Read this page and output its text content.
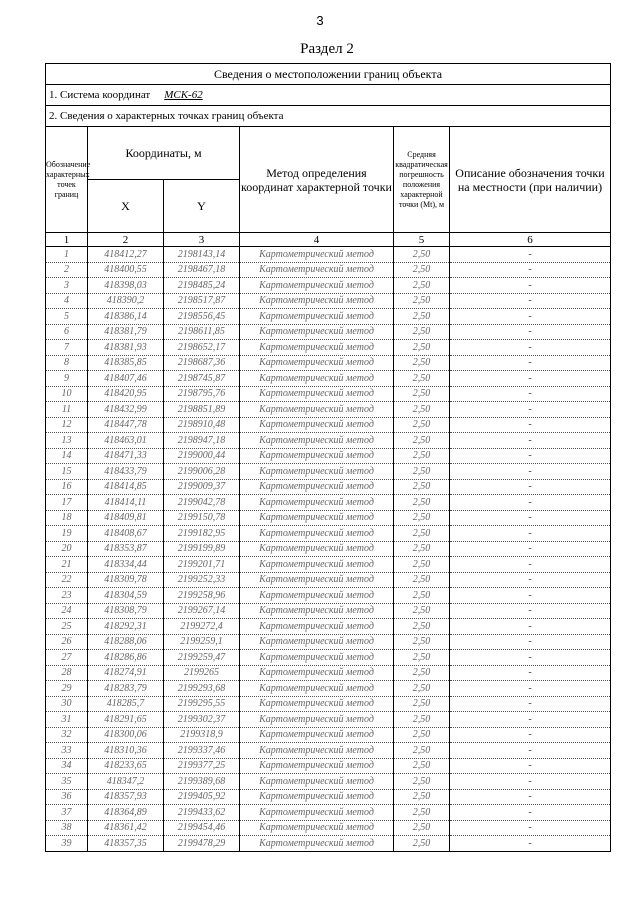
3
Раздел 2
Сведения о местоположении границ объекта					
1. Система координат МСК-62					
2. Сведения о характерных точках границ объекта					
Обозначение характерных точек границ	Координаты, м		Метод определения координат характерной точки	Средняя квадратическая погрешность положения характерной точки (Mt), м	Описание обозначения точки на местности (при наличии)
	X	Y			
1	2	3	4	5	6
1	418412,27	2198143,14	Картометрический метод	2,50	-
2	418400,55	2198467,18	Картометрический метод	2,50	-
3	418398,03	2198485,24	Картометрический метод	2,50	-
4	418390,2	2198517,87	Картометрический метод	2,50	-
5	418386,14	2198556,45	Картометрический метод	2,50	-
6	418381,79	2198611,85	Картометрический метод	2,50	-
7	418381,93	2198652,17	Картометрический метод	2,50	-
8	418385,85	2198687,36	Картометрический метод	2,50	-
9	418407,46	2198745,87	Картометрический метод	2,50	-
10	418420,95	2198795,76	Картометрический метод	2,50	-
11	418432,99	2198851,89	Картометрический метод	2,50	-
12	418447,78	2198910,48	Картометрический метод	2,50	-
13	418463,01	2198947,18	Картометрический метод	2,50	-
14	418471,33	2199000,44	Картометрический метод	2,50	-
15	418433,79	2199006,28	Картометрический метод	2,50	-
16	418414,85	2199009,37	Картометрический метод	2,50	-
17	418414,11	2199042,78	Картометрический метод	2,50	-
18	418409,81	2199150,78	Картометрический метод	2,50	-
19	418408,67	2199182,95	Картометрический метод	2,50	-
20	418353,87	2199199,89	Картометрический метод	2,50	-
21	418334,44	2199201,71	Картометрический метод	2,50	-
22	418309,78	2199252,33	Картометрический метод	2,50	-
23	418304,59	2199258,96	Картометрический метод	2,50	-
24	418308,79	2199267,14	Картометрический метод	2,50	-
25	418292,31	2199272,4	Картометрический метод	2,50	-
26	418288,06	2199259,1	Картометрический метод	2,50	-
27	418286,86	2199259,47	Картометрический метод	2,50	-
28	418274,91	2199265	Картометрический метод	2,50	-
29	418283,79	2199293,68	Картометрический метод	2,50	-
30	418285,7	2199295,55	Картометрический метод	2,50	-
31	418291,65	2199302,37	Картометрический метод	2,50	-
32	418300,06	2199318,9	Картометрический метод	2,50	-
33	418310,36	2199337,46	Картометрический метод	2,50	-
34	418233,65	2199377,25	Картометрический метод	2,50	-
35	418347,2	2199389,68	Картометрический метод	2,50	-
36	418357,93	2199405,92	Картометрический метод	2,50	-
37	418364,89	2199433,62	Картометрический метод	2,50	-
38	418361,42	2199454,46	Картометрический метод	2,50	-
39	418357,35	2199478,29	Картометрический метод	2,50	-
